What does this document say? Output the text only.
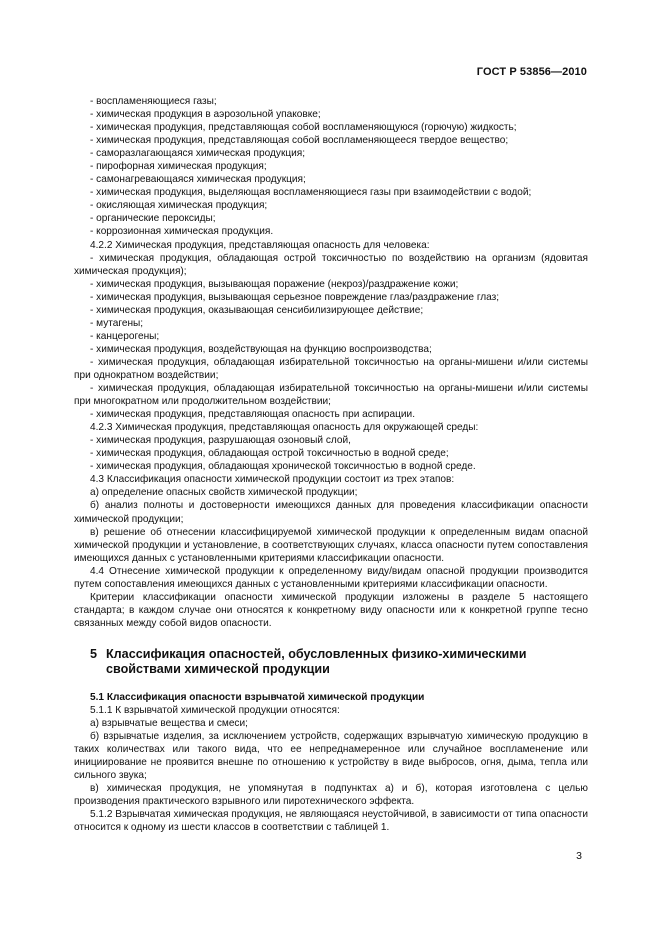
ГОСТ Р 53856—2010

- воспламеняющиеся газы;

- химическая продукция в аэрозольной упаковке;

- химическая продукция, представляющая собой воспламеняющуюся (горючую) жидкость;

- химическая продукция, представляющая собой воспламеняющееся твердое вещество;

- саморазлагающаяся химическая продукция;

- пирофорная химическая продукция;

- самонагревающаяся химическая продукция;

- химическая продукция, выделяющая воспламеняющиеся газы при взаимодействии с водой;

- окисляющая химическая продукция;

- органические пероксиды;

- коррозионная химическая продукция.

4.2.2 Химическая продукция, представляющая опасность для человека:

- химическая продукция, обладающая острой токсичностью по воздействию на организм (ядовитая химическая продукция);

- химическая продукция, вызывающая поражение (некроз)/раздражение кожи;

- химическая продукция, вызывающая серьезное повреждение глаз/раздражение глаз;

- химическая продукция, оказывающая сенсибилизирующее действие;

- мутагены;

- канцерогены;

- химическая продукция, воздействующая на функцию воспроизводства;

- химическая продукция, обладающая избирательной токсичностью на органы-мишени и/или системы при однократном воздействии;

- химическая продукция, обладающая избирательной токсичностью на органы-мишени и/или системы при многократном или продолжительном воздействии;

- химическая продукция, представляющая опасность при аспирации.

4.2.3 Химическая продукция, представляющая опасность для окружающей среды:

- химическая продукция, разрушающая озоновый слой,

- химическая продукция, обладающая острой токсичностью в водной среде;

- химическая продукция, обладающая хронической токсичностью в водной среде.

4.3 Классификация опасности химической продукции состоит из трех этапов:

а) определение опасных свойств химической продукции;

б) анализ полноты и достоверности имеющихся данных для проведения классификации опасности химической продукции;

в) решение об отнесении классифицируемой химической продукции к определенным видам опасной химической продукции и установление, в соответствующих случаях, класса опасности путем сопоставления имеющихся данных с установленными критериями классификации опасности.

4.4 Отнесение химической продукции к определенному виду/видам опасной продукции производится путем сопоставления имеющихся данных с установленными критериями классификации опасности.

Критерии классификации опасности химической продукции изложены в разделе 5 настоящего стандарта; в каждом случае они относятся к конкретному виду опасности или к конкретной группе тесно связанных между собой видов опасности.

5 Классификация опасностей, обусловленных физико-химическими
свойствами химической продукции

5.1 Классификация опасности взрывчатой химической продукции

5.1.1 К взрывчатой химической продукции относятся:

а) взрывчатые вещества и смеси;

б) взрывчатые изделия, за исключением устройств, содержащих взрывчатую химическую продукцию в таких количествах или такого вида, что ее непреднамеренное или случайное воспламенение или инициирование не проявится внешне по отношению к устройству в виде выбросов, огня, дыма, тепла или сильного звука;

в) химическая продукция, не упомянутая в подпунктах а) и б), которая изготовлена с целью производения практического взрывного или пиротехнического эффекта.

5.1.2 Взрывчатая химическая продукция, не являющаяся неустойчивой, в зависимости от типа опасности относится к одному из шести классов в соответствии с таблицей 1.

3
